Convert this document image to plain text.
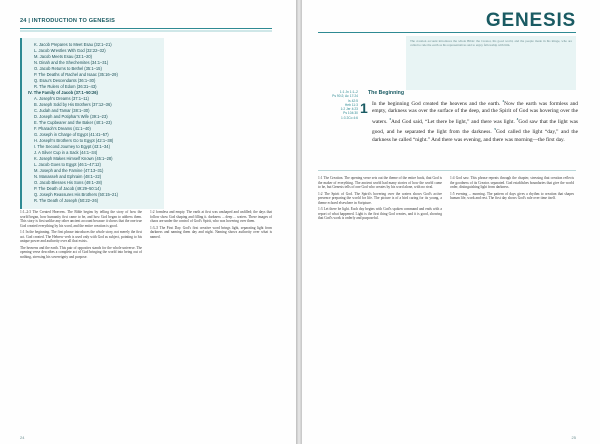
24 | INTRODUCTION TO GENESIS
K. Jacob Prepares to Meet Esau (32:1–21)
L. Jacob Wrestles With God (32:22–32)
M. Jacob Meets Esau (33:1–20)
N. Dinah and the Shechemites (34:1–31)
O. Jacob Returns to Bethel (35:1–15)
P. The Deaths of Rachel and Isaac (35:16–29)
Q. Esau's Descendants (36:1–30)
R. The Rulers of Edom (36:31–43)
IV. The Family of Jacob (37:1–50:26)
A. Joseph's Dreams (37:1–11)
B. Joseph Sold by His Brothers (37:12–36)
C. Judah and Tamar (38:1–30)
D. Joseph and Potiphar's Wife (39:1–23)
E. The Cupbearer and the Baker (40:1–23)
F. Pharaoh's Dreams (41:1–40)
G. Joseph in Charge of Egypt (41:41–57)
H. Joseph's Brothers Go to Egypt (42:1–38)
I. The Second Journey to Egypt (43:1–34)
J. A Silver Cup in a Sack (44:1–34)
K. Joseph Makes Himself Known (45:1–28)
L. Jacob Goes to Egypt (46:1–47:12)
M. Joseph and the Famine (47:13–31)
N. Manasseh and Ephraim (48:1–22)
O. Jacob Blesses His Sons (49:1–28)
P. The Death of Jacob (49:29–50:14)
Q. Joseph Reassures His Brothers (50:15–21)
R. The Death of Joseph (50:22–26)

1:1–2:3 The Created Heavens. The Bible begins by telling the story of how the world began, how humanity first came to be, and how God began to address them. This story is first unlike any other ancient account because it shows that the one true God created everything by his word, and the entire creation is good.

1:1 In the beginning. The first phrase introduces the whole story, not merely the first act. God created. The Hebrew verb is used only with God as subject, pointing to his unique power and authority over all that exists.

The heavens and the earth. This pair of opposites stands for the whole universe. The opening verse describes a complete act of God bringing the world into being out of nothing, stressing his sovereignty and purpose.

1:2 formless and empty. The earth at first was unshaped and unfilled; the days that follow show God shaping and filling it. darkness ... deep ... waters. These images of chaos are under the control of God's Spirit, who was hovering over them.

1:3–5 The First Day. God's first creative word brings light, separating light from darkness and naming them day and night. Naming shows authority over what is named.

24
GENESIS

The creation account introduces the whole Bible: the Creator, his good world, and the people made in his image, who are called to rule the earth as his representatives and to enjoy fellowship with him.

1:1 Jn 1:1–2
Ps 90:2; Ac 17:24
Is 42:5
Heb 11:3
1:2 Jer 4:23
Ps 104:30
1:3 2Co 4:6
The Beginning
1 In the beginning God created the heavens and the earth. $^2$Now the earth was formless and empty, darkness was over the surface of the deep, and the Spirit of God was hovering over the waters. $^3$And God said, “Let there be light,” and there was light. $^4$God saw that the light was good, and he separated the light from the darkness. $^5$God called the light “day,” and the darkness he called “night.” And there was evening, and there was morning—the first day.

1:1 The Creation. The opening verse sets out the theme of the entire book, that God is the maker of everything. The ancient world had many stories of how the world came to be, but Genesis tells of one God who creates by his word alone, with no rival.

1:2 The Spirit of God. The Spirit's hovering over the waters shows God's active presence preparing the world for life. The picture is of a bird caring for its young, a theme echoed elsewhere in Scripture.

1:3 Let there be light. Each day begins with God's spoken command and ends with a report of what happened. Light is the first thing God creates, and it is good, showing that God's work is orderly and purposeful.

1:4 God saw. This phrase repeats through the chapter, stressing that creation reflects the goodness of its Creator. separated. God establishes boundaries that give the world order, distinguishing light from darkness.

1:5 evening ... morning. The pattern of days gives a rhythm to creation that shapes human life, work and rest. The first day shows God's rule over time itself.

25
